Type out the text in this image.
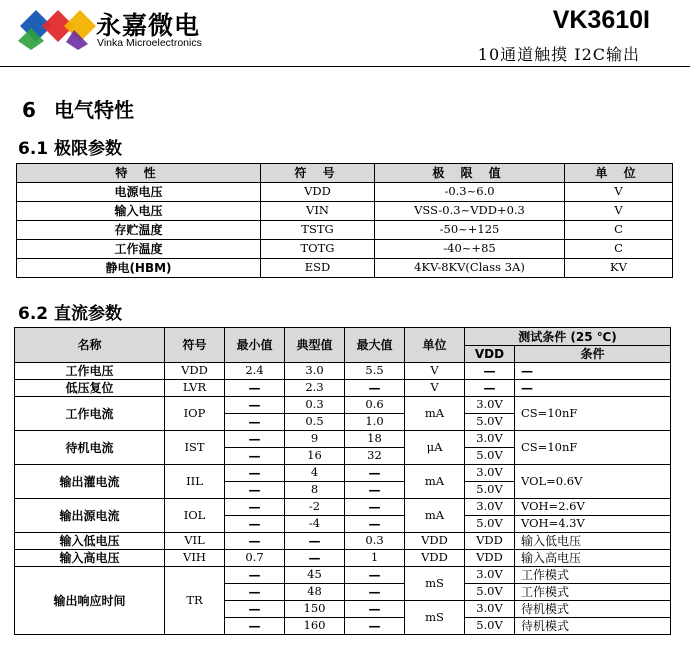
永嘉微电
Vinka Microelectronics
VK3610I
10通道触摸 I2C输出
6 电气特性
6.1 极限参数
特 性	符 号	极 限 值	单 位
电源电压	VDD	-0.3~6.0	V
输入电压	VIN	VSS-0.3~VDD+0.3	V
存贮温度	TSTG	-50~+125	C
工作温度	TOTG	-40~+85	C
静电(HBM)	ESD	4KV-8KV(Class 3A)	KV
6.2 直流参数
名称	符号	最小值	典型值	最大值	单位	测试条件 (25 ℃)	
						VDD	条件
工作电压	VDD	2.4	3.0	5.5	V	—	—
低压复位	LVR	—	2.3	—	V	—	—
工作电流	IOP	—	0.3	0.6	mA	3.0V	CS=10nF
		—	0.5	1.0		5.0V	
待机电流	IST	—	9	18	μA	3.0V	CS=10nF
		—	16	32		5.0V	
输出灌电流	IIL	—	4	—	mA	3.0V	VOL=0.6V
		—	8	—		5.0V	
输出源电流	IOL	—	-2	—	mA	3.0V	VOH=2.6V
		—	-4	—		5.0V	VOH=4.3V
输入低电压	VIL	—	—	0.3	VDD	VDD	输入低电压
输入高电压	VIH	0.7	—	1	VDD	VDD	输入高电压
输出响应时间	TR	—	45	—	mS	3.0V	工作模式
		—	48	—		5.0V	工作模式
		—	150	—	mS	3.0V	待机模式
		—	160	—		5.0V	待机模式
